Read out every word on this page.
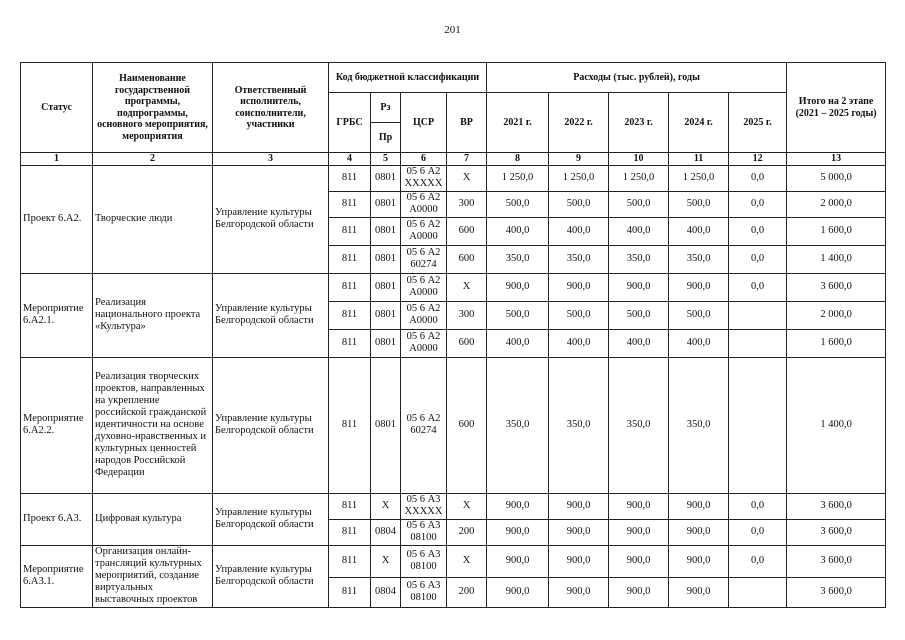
201
Статус	Наименование государственной программы, подпрограммы, основного мероприятия, мероприятия	Ответственный исполнитель, соисполнители, участники	Код бюджетной классификации				Расходы (тыс. рублей), годы					Итого на 2 этапе (2021 – 2025 годы)
			ГРБС	Рз	ЦСР	ВР	2021 г.	2022 г.	2023 г.	2024 г.	2025 г.	
				Пр								
1	2	3	4	5	6	7	8	9	10	11	12	13
Проект 6.А2.	Творческие люди	Управление культуры Белгородской области	811	0801	05 6 А2 XXXXX	X	1 250,0	1 250,0	1 250,0	1 250,0	0,0	5 000,0
			811	0801	05 6 А2 А0000	300	500,0	500,0	500,0	500,0	0,0	2 000,0
			811	0801	05 6 А2 А0000	600	400,0	400,0	400,0	400,0	0,0	1 600,0
			811	0801	05 6 А2 60274	600	350,0	350,0	350,0	350,0	0,0	1 400,0
Мероприятие 6.А2.1.	Реализация национального проекта «Культура»	Управление культуры Белгородской области	811	0801	05 6 А2 А0000	X	900,0	900,0	900,0	900,0	0,0	3 600,0
			811	0801	05 6 А2 А0000	300	500,0	500,0	500,0	500,0		2 000,0
			811	0801	05 6 А2 А0000	600	400,0	400,0	400,0	400,0		1 600,0
Мероприятие 6.А2.2.	Реализация творческих проектов, направленных на укрепление российской гражданской идентичности на основе духовно-нравственных и культурных ценностей народов Российской Федерации	Управление культуры Белгородской области	811	0801	05 6 А2 60274	600	350,0	350,0	350,0	350,0		1 400,0
Проект 6.А3.	Цифровая культура	Управление культуры Белгородской области	811	X	05 6 А3 XXXXX	X	900,0	900,0	900,0	900,0	0,0	3 600,0
			811	0804	05 6 А3 08100	200	900,0	900,0	900,0	900,0	0,0	3 600,0
Мероприятие 6.А3.1.	Организация онлайн-трансляций культурных мероприятий, создание виртуальных выставочных проектов	Управление культуры Белгородской области	811	X	05 6 А3 08100	X	900,0	900,0	900,0	900,0	0,0	3 600,0
			811	0804	05 6 А3 08100	200	900,0	900,0	900,0	900,0		3 600,0
